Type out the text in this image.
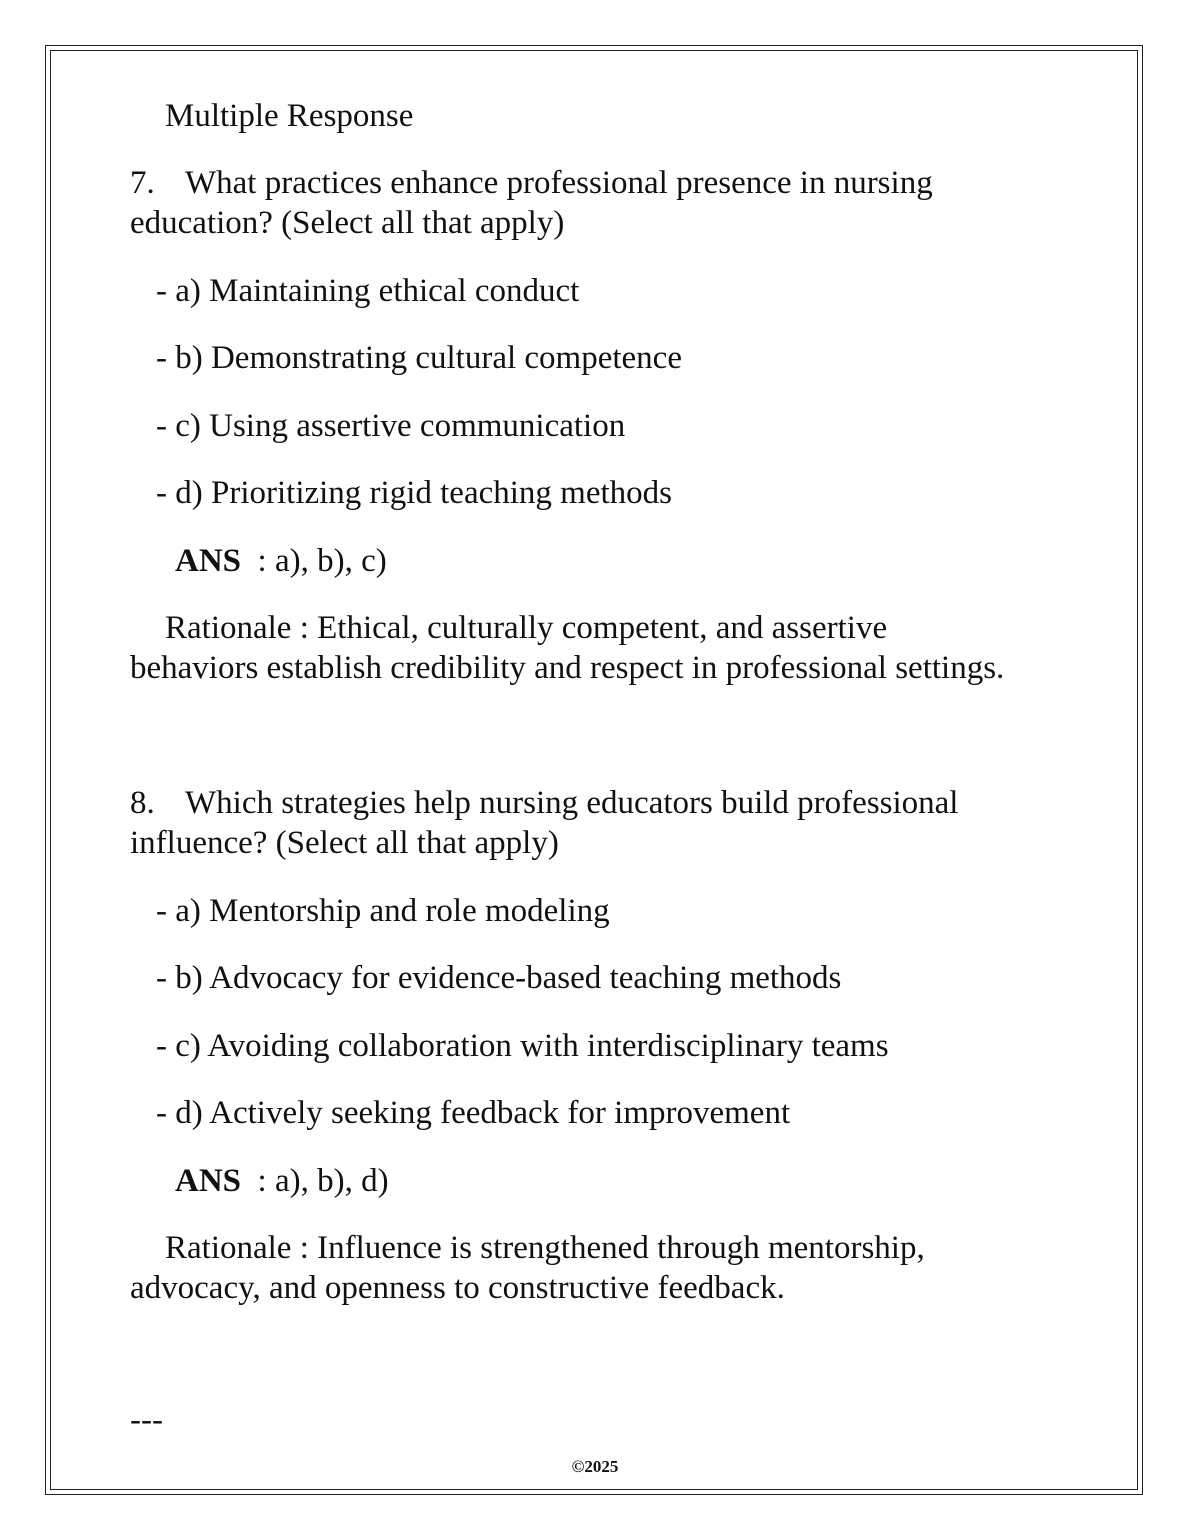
Multiple Response
7. What practices enhance professional presence in nursing
education? (Select all that apply)
- a) Maintaining ethical conduct
- b) Demonstrating cultural competence
- c) Using assertive communication
- d) Prioritizing rigid teaching methods
ANS : a), b), c)
Rationale : Ethical, culturally competent, and assertive
behaviors establish credibility and respect in professional settings.
8. Which strategies help nursing educators build professional
influence? (Select all that apply)
- a) Mentorship and role modeling
- b) Advocacy for evidence-based teaching methods
- c) Avoiding collaboration with interdisciplinary teams
- d) Actively seeking feedback for improvement
ANS : a), b), d)
Rationale : Influence is strengthened through mentorship,
advocacy, and openness to constructive feedback.
---
©2025
